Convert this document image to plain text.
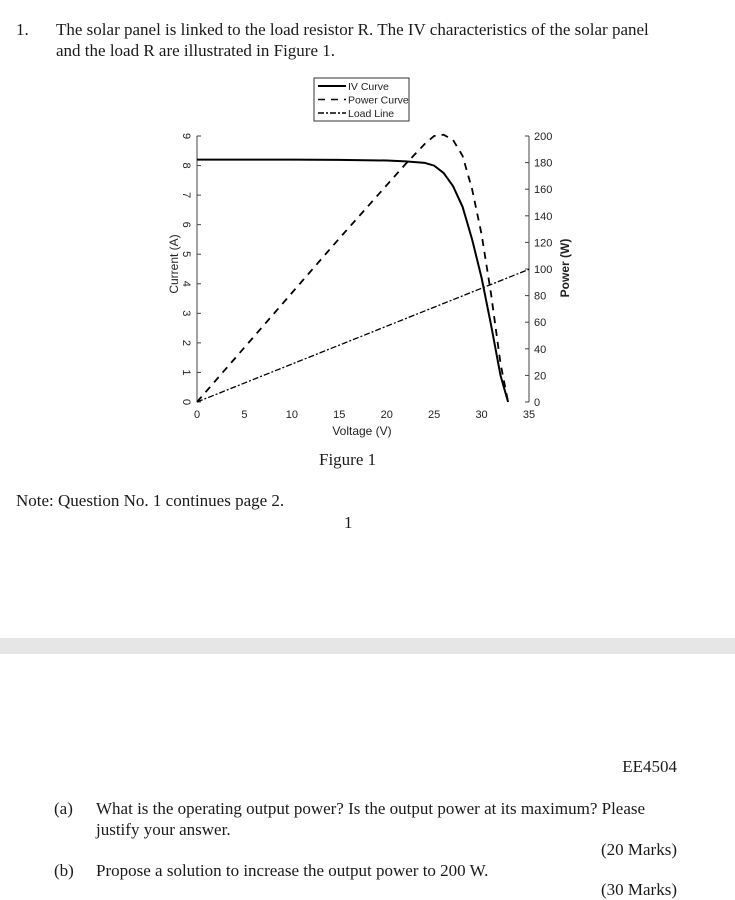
1. The solar panel is linked to the load resistor R. The IV characteristics of the solar panel
and the load R are illustrated in Figure 1.
0
1
2
3
4
5
6
7
8
9
0
20
40
60
80
100
120
140
160
180
200
0	5	10	15	20	25	30	35
Voltage (V)
Current (A)	Power (W)
IV Curve
Power Curve
Load Line
Figure 1
Note: Question No. 1 continues page 2.
1
EE4504
(a) What is the operating output power? Is the output power at its maximum? Please
justify your answer.
(20 Marks)
(b) Propose a solution to increase the output power to 200 W.
(30 Marks)
